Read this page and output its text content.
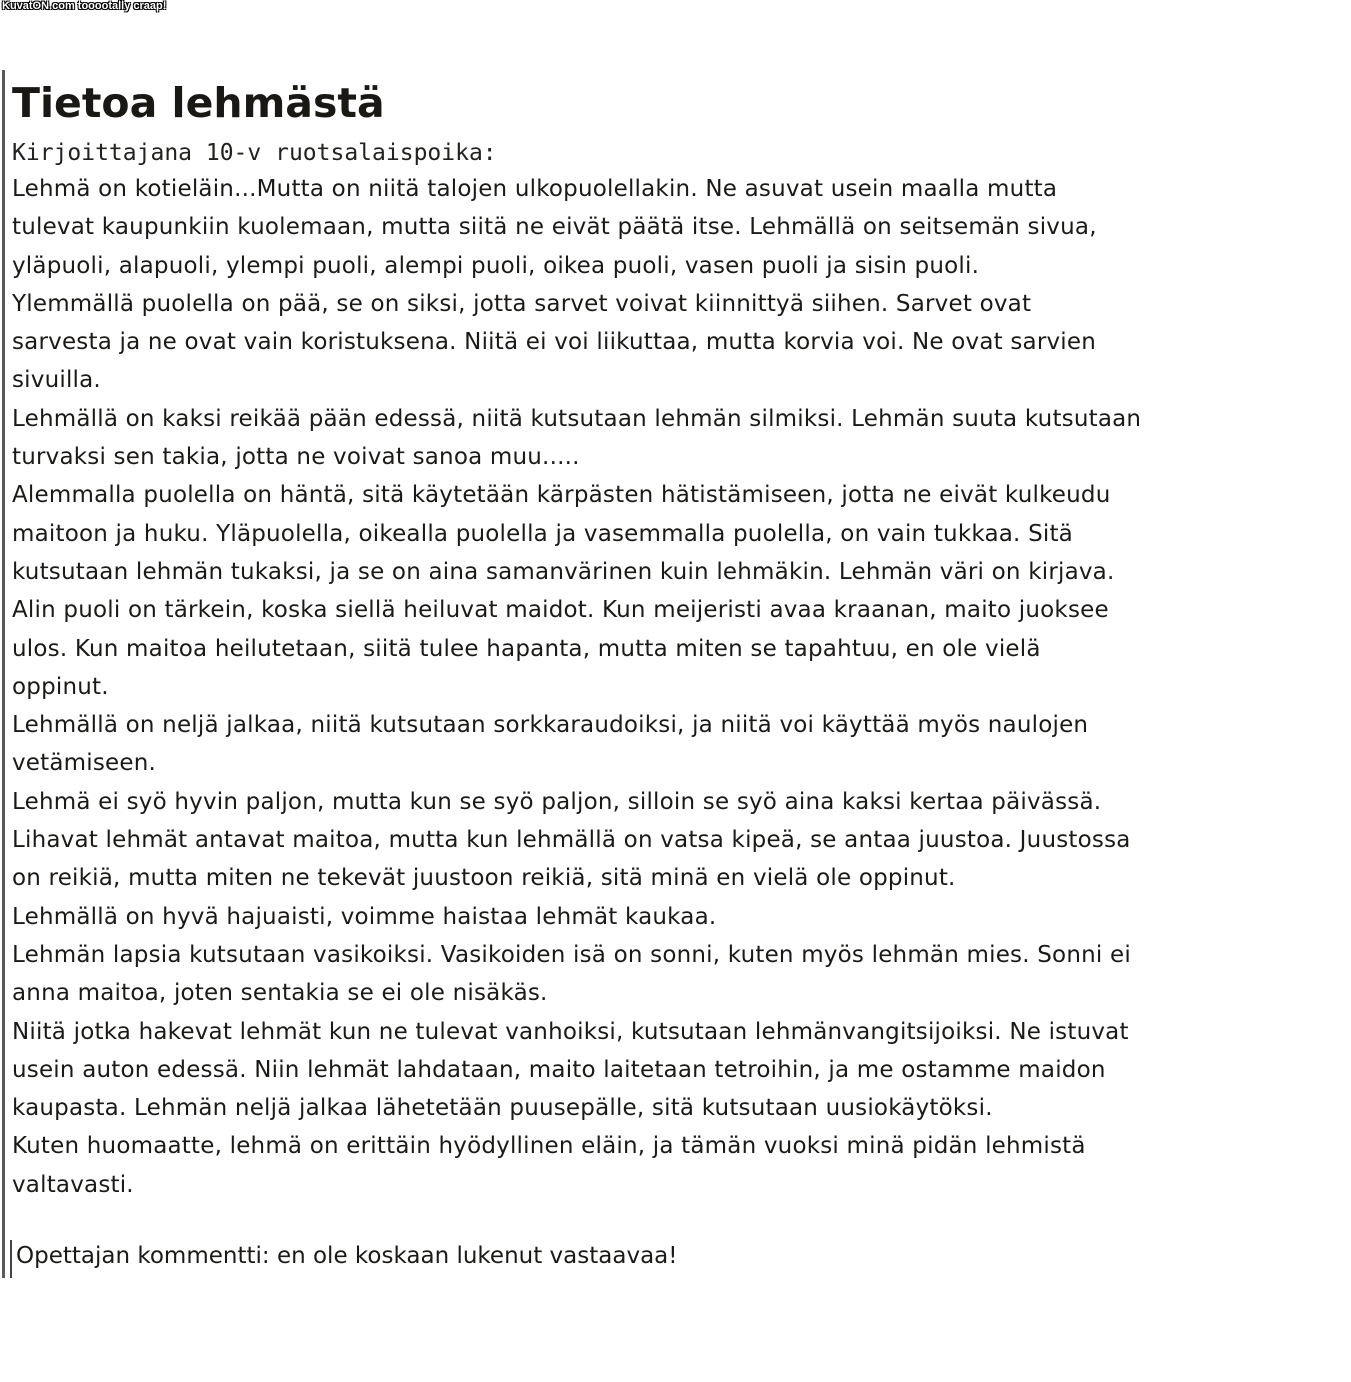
KuvatON.com tooootally craap!
Tietoa lehmästä

Kirjoittajana 10-v ruotsalaispoika:

Lehmä on kotieläin...Mutta on niitä talojen ulkopuolellakin. Ne asuvat usein maalla mutta
tulevat kaupunkiin kuolemaan, mutta siitä ne eivät päätä itse. Lehmällä on seitsemän sivua,
yläpuoli, alapuoli, ylempi puoli, alempi puoli, oikea puoli, vasen puoli ja sisin puoli.
Ylemmällä puolella on pää, se on siksi, jotta sarvet voivat kiinnittyä siihen. Sarvet ovat
sarvesta ja ne ovat vain koristuksena. Niitä ei voi liikuttaa, mutta korvia voi. Ne ovat sarvien
sivuilla.
Lehmällä on kaksi reikää pään edessä, niitä kutsutaan lehmän silmiksi. Lehmän suuta kutsutaan
turvaksi sen takia, jotta ne voivat sanoa muu.....
Alemmalla puolella on häntä, sitä käytetään kärpästen hätistämiseen, jotta ne eivät kulkeudu
maitoon ja huku. Yläpuolella, oikealla puolella ja vasemmalla puolella, on vain tukkaa. Sitä
kutsutaan lehmän tukaksi, ja se on aina samanvärinen kuin lehmäkin. Lehmän väri on kirjava.
Alin puoli on tärkein, koska siellä heiluvat maidot. Kun meijeristi avaa kraanan, maito juoksee
ulos. Kun maitoa heilutetaan, siitä tulee hapanta, mutta miten se tapahtuu, en ole vielä
oppinut.
Lehmällä on neljä jalkaa, niitä kutsutaan sorkkaraudoiksi, ja niitä voi käyttää myös naulojen
vetämiseen.
Lehmä ei syö hyvin paljon, mutta kun se syö paljon, silloin se syö aina kaksi kertaa päivässä.
Lihavat lehmät antavat maitoa, mutta kun lehmällä on vatsa kipeä, se antaa juustoa. Juustossa
on reikiä, mutta miten ne tekevät juustoon reikiä, sitä minä en vielä ole oppinut.
Lehmällä on hyvä hajuaisti, voimme haistaa lehmät kaukaa.
Lehmän lapsia kutsutaan vasikoiksi. Vasikoiden isä on sonni, kuten myös lehmän mies. Sonni ei
anna maitoa, joten sentakia se ei ole nisäkäs.
Niitä jotka hakevat lehmät kun ne tulevat vanhoiksi, kutsutaan lehmänvangitsijoiksi. Ne istuvat
usein auton edessä. Niin lehmät lahdataan, maito laitetaan tetroihin, ja me ostamme maidon
kaupasta. Lehmän neljä jalkaa lähetetään puusepälle, sitä kutsutaan uusiokäytöksi.
Kuten huomaatte, lehmä on erittäin hyödyllinen eläin, ja tämän vuoksi minä pidän lehmistä
valtavasti.
Opettajan kommentti: en ole koskaan lukenut vastaavaa!
